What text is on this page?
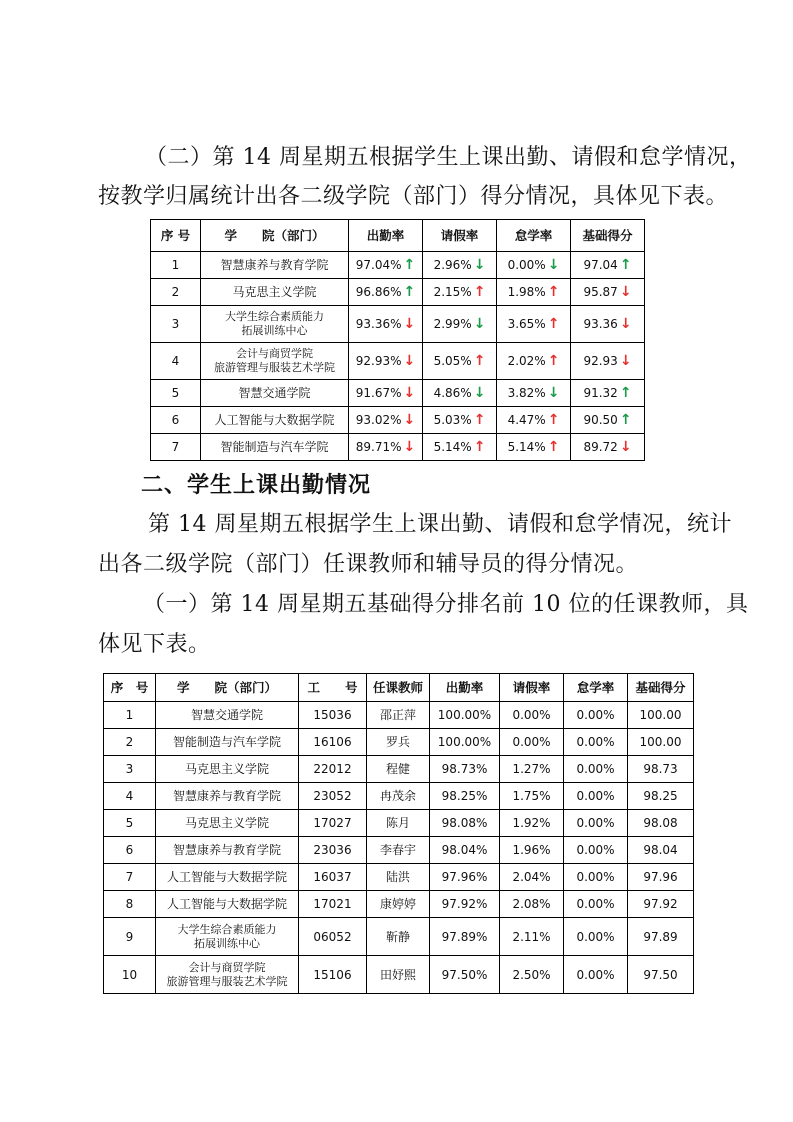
（二）第 14 周星期五根据学生上课出勤、请假和怠学情况，

按教学归属统计出各二级学院（部门）得分情况，具体见下表。

序 号	学　　院（部门）	出勤率	请假率	怠学率	基础得分
1	智慧康养与教育学院	97.04% ↑	2.96% ↓	0.00% ↓	97.04 ↑
2	马克思主义学院	96.86% ↑	2.15% ↑	1.98% ↑	95.87 ↓
3	大学生综合素质能力
拓展训练中心	93.36% ↓	2.99% ↓	3.65% ↑	93.36 ↓
4	会计与商贸学院
旅游管理与服装艺术学院	92.93% ↓	5.05% ↑	2.02% ↑	92.93 ↓
5	智慧交通学院	91.67% ↓	4.86% ↓	3.82% ↓	91.32 ↑
6	人工智能与大数据学院	93.02% ↓	5.03% ↑	4.47% ↑	90.50 ↑
7	智能制造与汽车学院	89.71% ↓	5.14% ↑	5.14% ↑	89.72 ↓

二、学生上课出勤情况

第 14 周星期五根据学生上课出勤、请假和怠学情况，统计

出各二级学院（部门）任课教师和辅导员的得分情况。

（一）第 14 周星期五基础得分排名前 10 位的任课教师，具

体见下表。

序　号	学　　院（部门）	工　　号	任课教师	出勤率	请假率	怠学率	基础得分
1	智慧交通学院	15036	邵正萍	100.00%	0.00%	0.00%	100.00
2	智能制造与汽车学院	16106	罗兵	100.00%	0.00%	0.00%	100.00
3	马克思主义学院	22012	程健	98.73%	1.27%	0.00%	98.73
4	智慧康养与教育学院	23052	冉茂余	98.25%	1.75%	0.00%	98.25
5	马克思主义学院	17027	陈月	98.08%	1.92%	0.00%	98.08
6	智慧康养与教育学院	23036	李春宇	98.04%	1.96%	0.00%	98.04
7	人工智能与大数据学院	16037	陆洪	97.96%	2.04%	0.00%	97.96
8	人工智能与大数据学院	17021	康婷婷	97.92%	2.08%	0.00%	97.92
9	大学生综合素质能力
拓展训练中心	06052	靳静	97.89%	2.11%	0.00%	97.89
10	会计与商贸学院
旅游管理与服装艺术学院	15106	田妤熙	97.50%	2.50%	0.00%	97.50
